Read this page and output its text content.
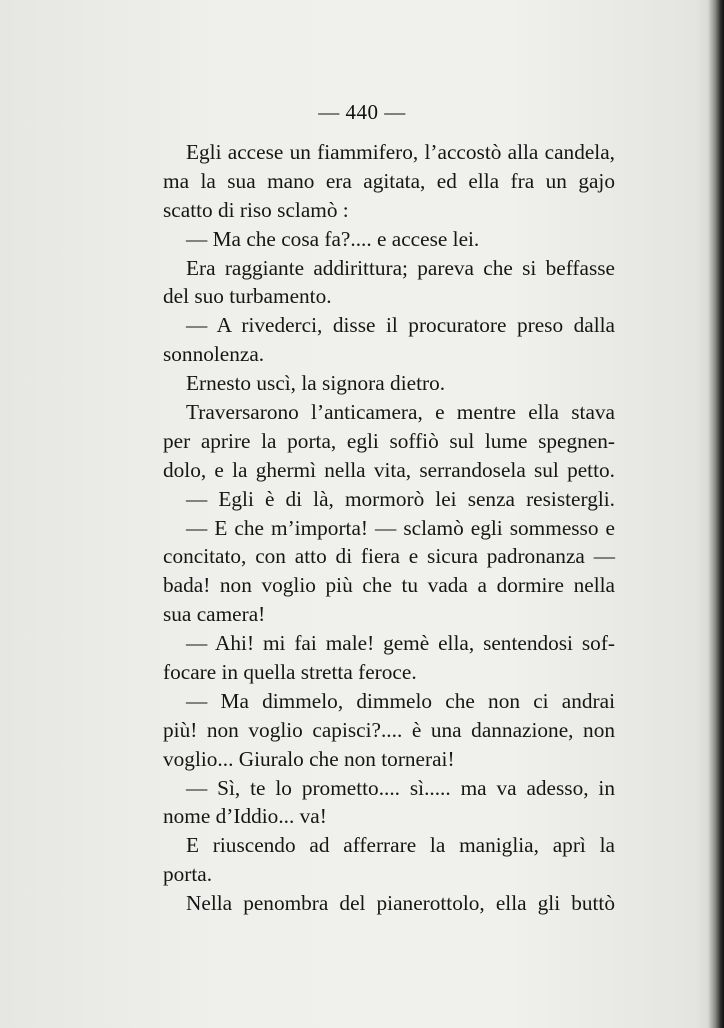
— 440 —
Egli accese un fiammifero, l’accostò alla candela,
ma la sua mano era agitata, ed ella fra un gajo
scatto di riso sclamò :
— Ma che cosa fa?.... e accese lei.
Era raggiante addirittura; pareva che si beffasse
del suo turbamento.
— A rivederci, disse il procuratore preso dalla
sonnolenza.
Ernesto uscì, la signora dietro.
Traversarono l’anticamera, e mentre ella stava
per aprire la porta, egli soffiò sul lume spegnen-
dolo, e la ghermì nella vita, serrandosela sul petto.
— Egli è di là, mormorò lei senza resistergli.
— E che m’importa! — sclamò egli sommesso e
concitato, con atto di fiera e sicura padronanza —
bada! non voglio più che tu vada a dormire nella
sua camera!
— Ahi! mi fai male! gemè ella, sentendosi sof-
focare in quella stretta feroce.
— Ma dimmelo, dimmelo che non ci andrai
più! non voglio capisci?.... è una dannazione, non
voglio... Giuralo che non tornerai!
— Sì, te lo prometto.... sì..... ma va adesso, in
nome d’Iddio... va!
E riuscendo ad afferrare la maniglia, aprì la
porta.
Nella penombra del pianerottolo, ella gli buttò
